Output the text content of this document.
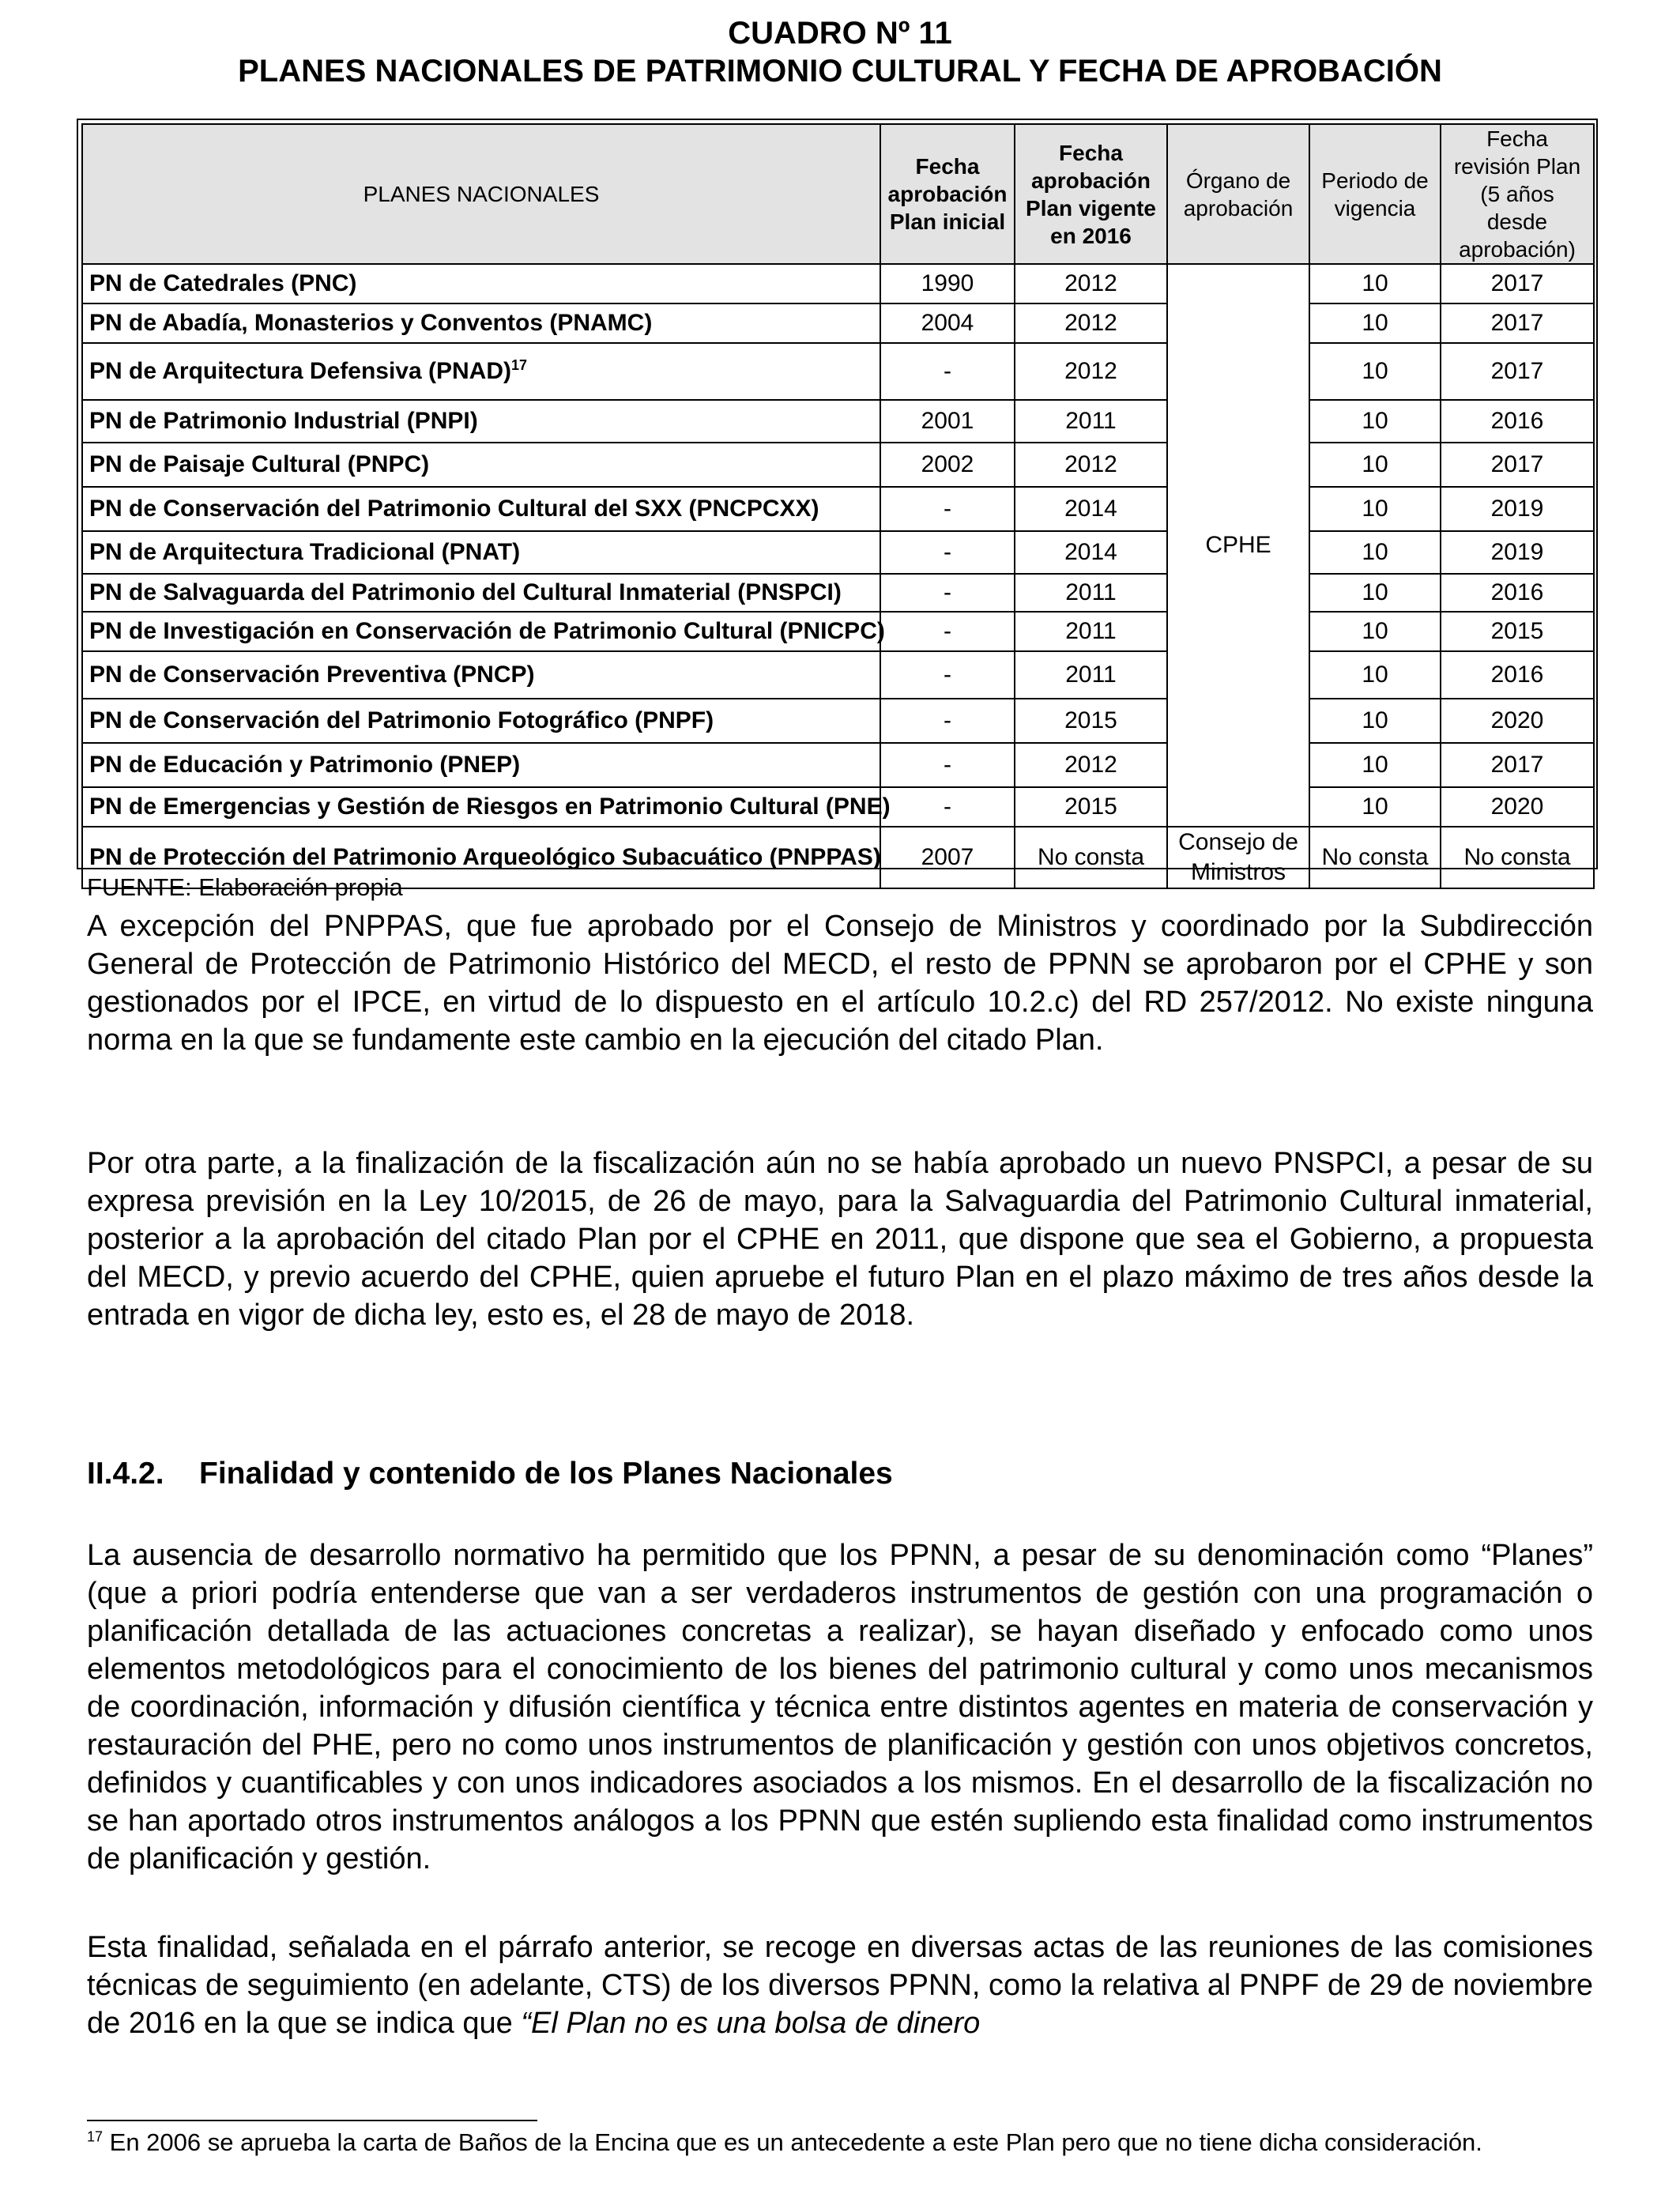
CUADRO Nº 11
PLANES NACIONALES DE PATRIMONIO CULTURAL Y FECHA DE APROBACIÓN
PLANES NACIONALES	Fecha aprobación Plan inicial	Fecha aprobación Plan vigente en 2016	Órgano de aprobación	Periodo de vigencia	Fecha revisión Plan (5 años desde aprobación)
PN de Catedrales (PNC)	1990	2012	CPHE	10	2017
PN de Abadía, Monasterios y Conventos (PNAMC)	2004	2012		10	2017
PN de Arquitectura Defensiva (PNAD)$^{17}$	-	2012		10	2017
PN de Patrimonio Industrial (PNPI)	2001	2011		10	2016
PN de Paisaje Cultural (PNPC)	2002	2012		10	2017
PN de Conservación del Patrimonio Cultural del SXX (PNCPCXX)	-	2014		10	2019
PN de Arquitectura Tradicional (PNAT)	-	2014		10	2019
PN de Salvaguarda del Patrimonio del Cultural Inmaterial (PNSPCI)	-	2011		10	2016
PN de Investigación en Conservación de Patrimonio Cultural (PNICPC)	-	2011		10	2015
PN de Conservación Preventiva (PNCP)	-	2011		10	2016
PN de Conservación del Patrimonio Fotográfico (PNPF)	-	2015		10	2020
PN de Educación y Patrimonio (PNEP)	-	2012		10	2017
PN de Emergencias y Gestión de Riesgos en Patrimonio Cultural (PNE)	-	2015		10	2020
PN de Protección del Patrimonio Arqueológico Subacuático (PNPPAS)	2007	No consta	Consejo de Ministros	No consta	No consta
FUENTE: Elaboración propia

A excepción del PNPPAS, que fue aprobado por el Consejo de Ministros y coordinado por la Subdirección General de Protección de Patrimonio Histórico del MECD, el resto de PPNN se aprobaron por el CPHE y son gestionados por el IPCE, en virtud de lo dispuesto en el artículo 10.2.c) del RD 257/2012. No existe ninguna norma en la que se fundamente este cambio en la ejecución del citado Plan.

Por otra parte, a la finalización de la fiscalización aún no se había aprobado un nuevo PNSPCI, a pesar de su expresa previsión en la Ley 10/2015, de 26 de mayo, para la Salvaguardia del Patrimonio Cultural inmaterial, posterior a la aprobación del citado Plan por el CPHE en 2011, que dispone que sea el Gobierno, a propuesta del MECD, y previo acuerdo del CPHE, quien apruebe el futuro Plan en el plazo máximo de tres años desde la entrada en vigor de dicha ley, esto es, el 28 de mayo de 2018.

II.4.2. Finalidad y contenido de los Planes Nacionales

La ausencia de desarrollo normativo ha permitido que los PPNN, a pesar de su denominación como “Planes” (que a priori podría entenderse que van a ser verdaderos instrumentos de gestión con una programación o planificación detallada de las actuaciones concretas a realizar), se hayan diseñado y enfocado como unos elementos metodológicos para el conocimiento de los bienes del patrimonio cultural y como unos mecanismos de coordinación, información y difusión científica y técnica entre distintos agentes en materia de conservación y restauración del PHE, pero no como unos instrumentos de planificación y gestión con unos objetivos concretos, definidos y cuantificables y con unos indicadores asociados a los mismos. En el desarrollo de la fiscalización no se han aportado otros instrumentos análogos a los PPNN que estén supliendo esta finalidad como instrumentos de planificación y gestión.

Esta finalidad, señalada en el párrafo anterior, se recoge en diversas actas de las reuniones de las comisiones técnicas de seguimiento (en adelante, CTS) de los diversos PPNN, como la relativa al PNPF de 29 de noviembre de 2016 en la que se indica que “El Plan no es una bolsa de dinero

$^{17}$ En 2006 se aprueba la carta de Baños de la Encina que es un antecedente a este Plan pero que no tiene dicha consideración.
